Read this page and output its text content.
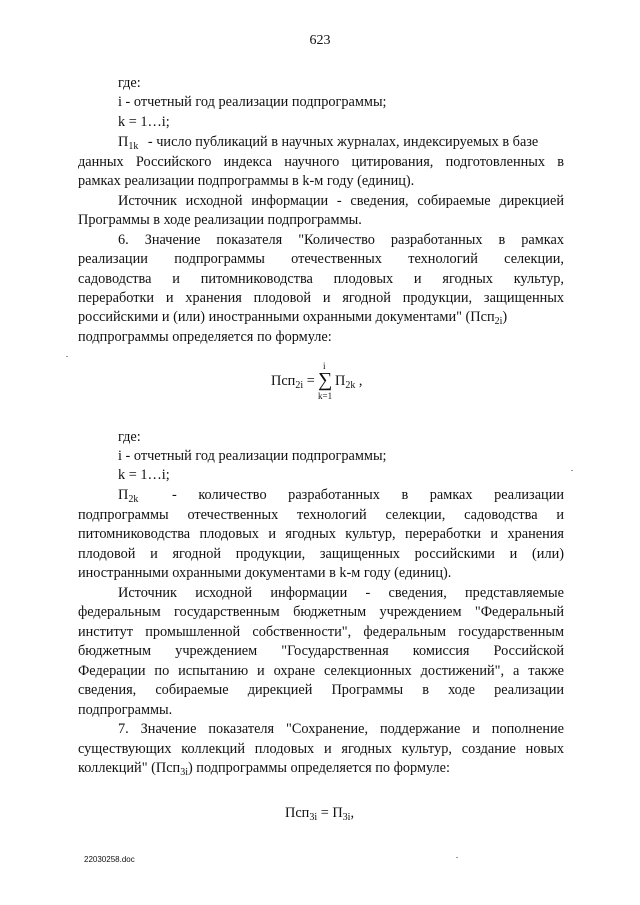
623
где:
i - отчетный год реализации подпрограммы;
k = 1…i;
$П_{1k}$ - число публикаций в научных журналах, индексируемых в базе
данных Российского индекса научного цитирования, подготовленных в
рамках реализации подпрограммы в k-м году (единиц).
Источник исходной информации - сведения, собираемые дирекцией
Программы в ходе реализации подпрограммы.
6. Значение показателя "Количество разработанных в рамках
реализации подпрограммы отечественных технологий селекции,
садоводства и питомниководства плодовых и ягодных культур,
переработки и хранения плодовой и ягодной продукции, защищенных
российскими и (или) иностранными охранными документами" (Псп$_{2i}$)
подпрограммы определяется по формуле:
Псп$_{2i}$ =
i
∑
k=1
$П_{2k}$ ,
где:
i - отчетный год реализации подпрограммы;
k = 1…i;
$П_{2k}$	- количество разработанных в рамках реализации
подпрограммы отечественных технологий селекции, садоводства и
питомниководства плодовых и ягодных культур, переработки и хранения
плодовой и ягодной продукции, защищенных российскими и (или)
иностранными охранными документами в k-м году (единиц).
Источник исходной информации - сведения, представляемые
федеральным государственным бюджетным учреждением "Федеральный
институт промышленной собственности", федеральным государственным
бюджетным учреждением "Государственная комиссия Российской
Федерации по испытанию и охране селекционных достижений", а также
сведения, собираемые дирекцией Программы в ходе реализации
подпрограммы.
7. Значение показателя "Сохранение, поддержание и пополнение
существующих коллекций плодовых и ягодных культур, создание новых
коллекций" (Псп$_{3i}$) подпрограммы определяется по формуле:
$Псп_{3i} = П_{3i}$,
22030258.doc
